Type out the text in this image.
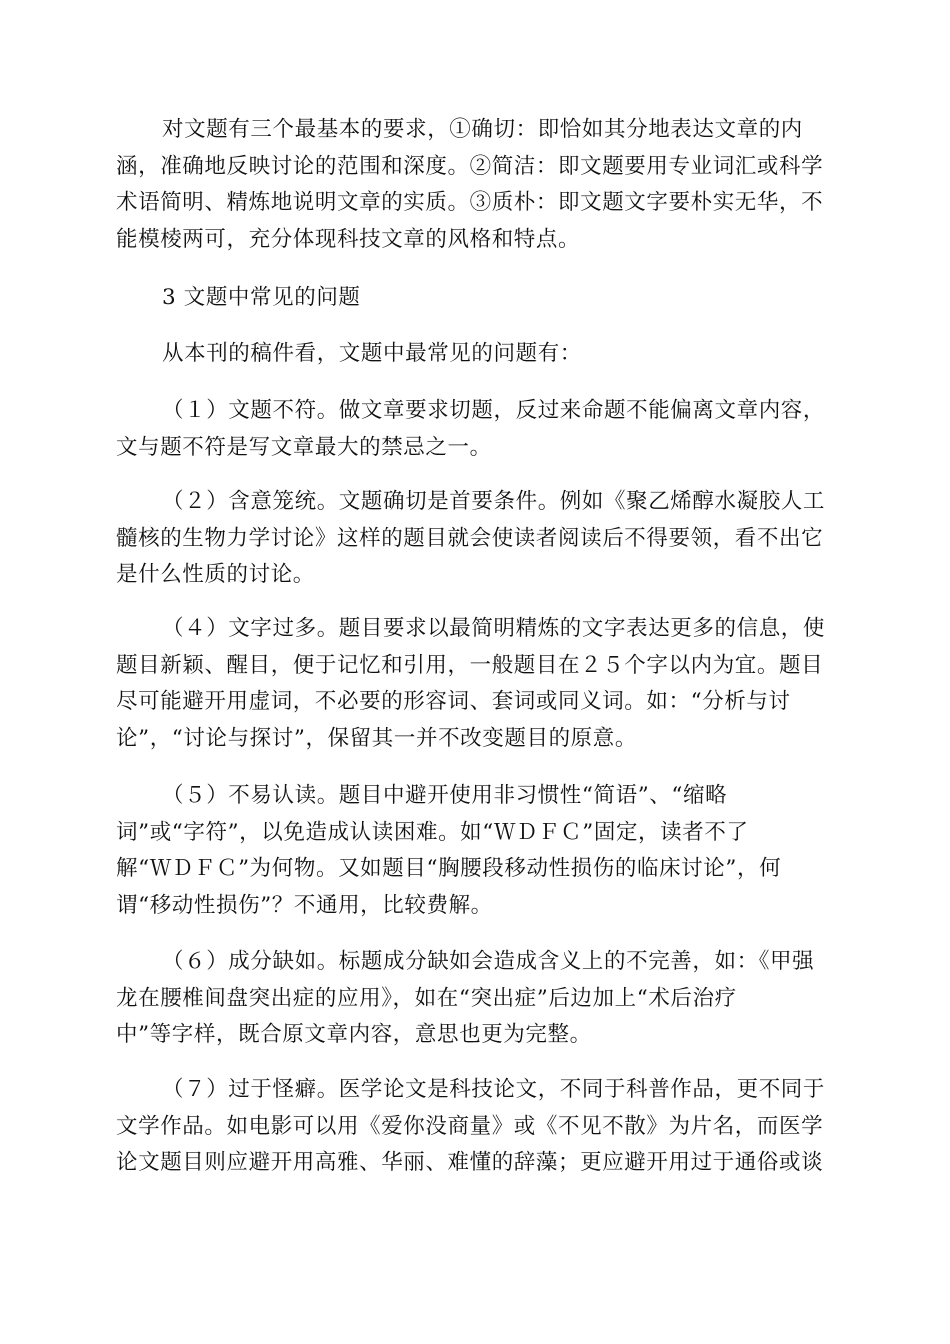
对文题有三个最基本的要求，①确切：即恰如其分地表达文章的内
涵，准确地反映讨论的范围和深度。②简洁：即文题要用专业词汇或科学
术语简明、精炼地说明文章的实质。③质朴：即文题文字要朴实无华，不
能模棱两可，充分体现科技文章的风格和特点。

3 文题中常见的问题

从本刊的稿件看，文题中最常见的问题有：

（１）文题不符。做文章要求切题，反过来命题不能偏离文章内容，
文与题不符是写文章最大的禁忌之一。

（２）含意笼统。文题确切是首要条件。例如《聚乙烯醇水凝胶人工
髓核的生物力学讨论》这样的题目就会使读者阅读后不得要领，看不出它
是什么性质的讨论。

（４）文字过多。题目要求以最简明精炼的文字表达更多的信息，使
题目新颖、醒目，便于记忆和引用，一般题目在２５个字以内为宜。题目
尽可能避开用虚词，不必要的形容词、套词或同义词。如：“分析与讨
论”，“讨论与探讨”，保留其一并不改变题目的原意。

（５）不易认读。题目中避开使用非习惯性“简语”、“缩略
词”或“字符”，以免造成认读困难。如“ＷＤＦＣ”固定，读者不了
解“ＷＤＦＣ”为何物。又如题目“胸腰段移动性损伤的临床讨论”，何
谓“移动性损伤”？不通用，比较费解。

（６）成分缺如。标题成分缺如会造成含义上的不完善，如：《甲强
龙在腰椎间盘突出症的应用》，如在“突出症”后边加上“术后治疗
中”等字样，既合原文章内容，意思也更为完整。

（７）过于怪癖。医学论文是科技论文，不同于科普作品，更不同于
文学作品。如电影可以用《爱你没商量》或《不见不散》为片名，而医学
论文题目则应避开用高雅、华丽、难懂的辞藻；更应避开用过于通俗或谈
